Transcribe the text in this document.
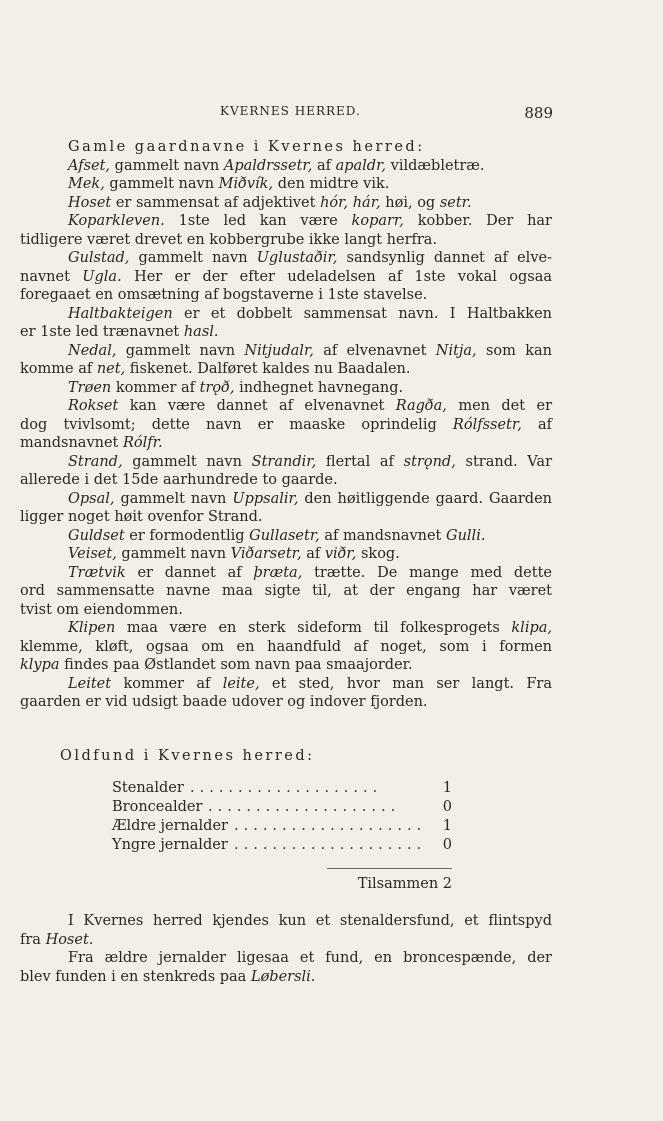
KVERNES HERRED.	889
Gamle gaardnavne i Kvernes herred:
Afset, gammelt navn Apaldrssetr, af apaldr, vildæbletræ.
Mek, gammelt navn Miðvík, den midtre vik.
Hoset er sammensat af adjektivet hór, hár, høi, og setr.
Koparkleven. 1ste led kan være koparr, kobber. Der har
tidligere været drevet en kobbergrube ikke langt herfra.
Gulstad, gammelt navn Uglustaðir, sandsynlig dannet af elve-
navnet Ugla. Her er der efter udeladelsen af 1ste vokal ogsaa
foregaaet en omsætning af bogstaverne i 1ste stavelse.
Haltbakteigen er et dobbelt sammensat navn. I Haltbakken
er 1ste led trænavnet hasl.
Nedal, gammelt navn Nitjudalr, af elvenavnet Nitja, som kan
komme af net, fiskenet. Dalføret kaldes nu Baadalen.
Trøen kommer af trǫð, indhegnet havnegang.
Rokset kan være dannet af elvenavnet Ragða, men det er
dog tvivlsomt; dette navn er maaske oprindelig Rólfssetr, af
mandsnavnet Rólfr.
Strand, gammelt navn Strandir, flertal af strǫnd, strand. Var
allerede i det 15de aarhundrede to gaarde.
Opsal, gammelt navn Uppsalir, den høitliggende gaard. Gaarden
ligger noget høit ovenfor Strand.
Guldset er formodentlig Gullasetr, af mandsnavnet Gulli.
Veiset, gammelt navn Viðarsetr, af viðr, skog.
Trætvik er dannet af þræta, trætte. De mange med dette
ord sammensatte navne maa sigte til, at der engang har været
tvist om eiendommen.
Klipen maa være en sterk sideform til folkesprogets klipa,
klemme, kløft, ogsaa om en haandfuld af noget, som i formen
klypa findes paa Østlandet som navn paa smaajorder.
Leitet kommer af leite, et sted, hvor man ser langt. Fra
gaarden er vid udsigt baade udover og indover fjorden.
Oldfund i Kvernes herred:
....................
Stenalder	1
....................
Broncealder	0
....................
Ældre jernalder	1
....................
Yngre jernalder	0
Tilsammen 2
I Kvernes herred kjendes kun et stenaldersfund, et flintspyd
fra Hoset.
Fra ældre jernalder ligesaa et fund, en broncespænde, der
blev funden i en stenkreds paa Løbersli.
